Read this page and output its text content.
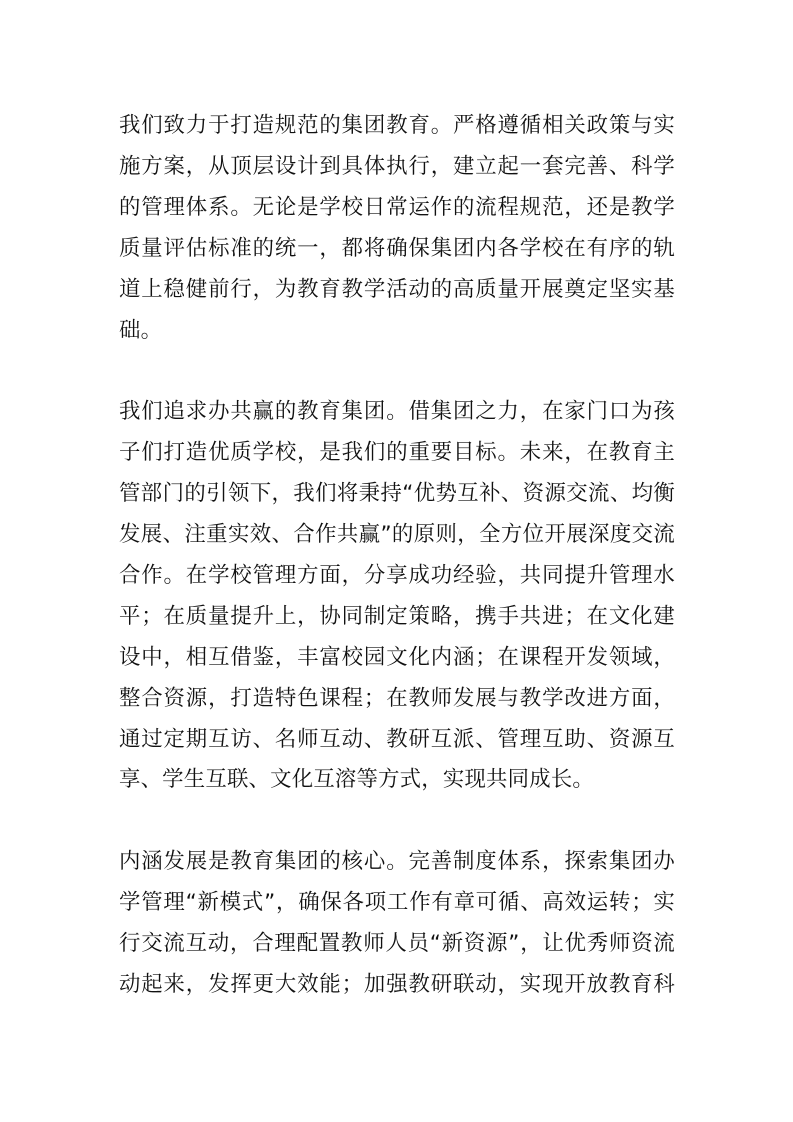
我们致力于打造规范的集团教育。严格遵循相关政策与实
施方案，从顶层设计到具体执行，建立起一套完善、科学
的管理体系。无论是学校日常运作的流程规范，还是教学
质量评估标准的统一，都将确保集团内各学校在有序的轨
道上稳健前行，为教育教学活动的高质量开展奠定坚实基
础。

我们追求办共赢的教育集团。借集团之力，在家门口为孩
子们打造优质学校，是我们的重要目标。未来，在教育主
管部门的引领下，我们将秉持“优势互补、资源交流、均衡
发展、注重实效、合作共赢”的原则，全方位开展深度交流
合作。在学校管理方面，分享成功经验，共同提升管理水
平；在质量提升上，协同制定策略，携手共进；在文化建
设中，相互借鉴，丰富校园文化内涵；在课程开发领域，
整合资源，打造特色课程；在教师发展与教学改进方面，
通过定期互访、名师互动、教研互派、管理互助、资源互
享、学生互联、文化互溶等方式，实现共同成长。

内涵发展是教育集团的核心。完善制度体系，探索集团办
学管理“新模式”，确保各项工作有章可循、高效运转；实
行交流互动，合理配置教师人员“新资源”，让优秀师资流
动起来，发挥更大效能；加强教研联动，实现开放教育科
